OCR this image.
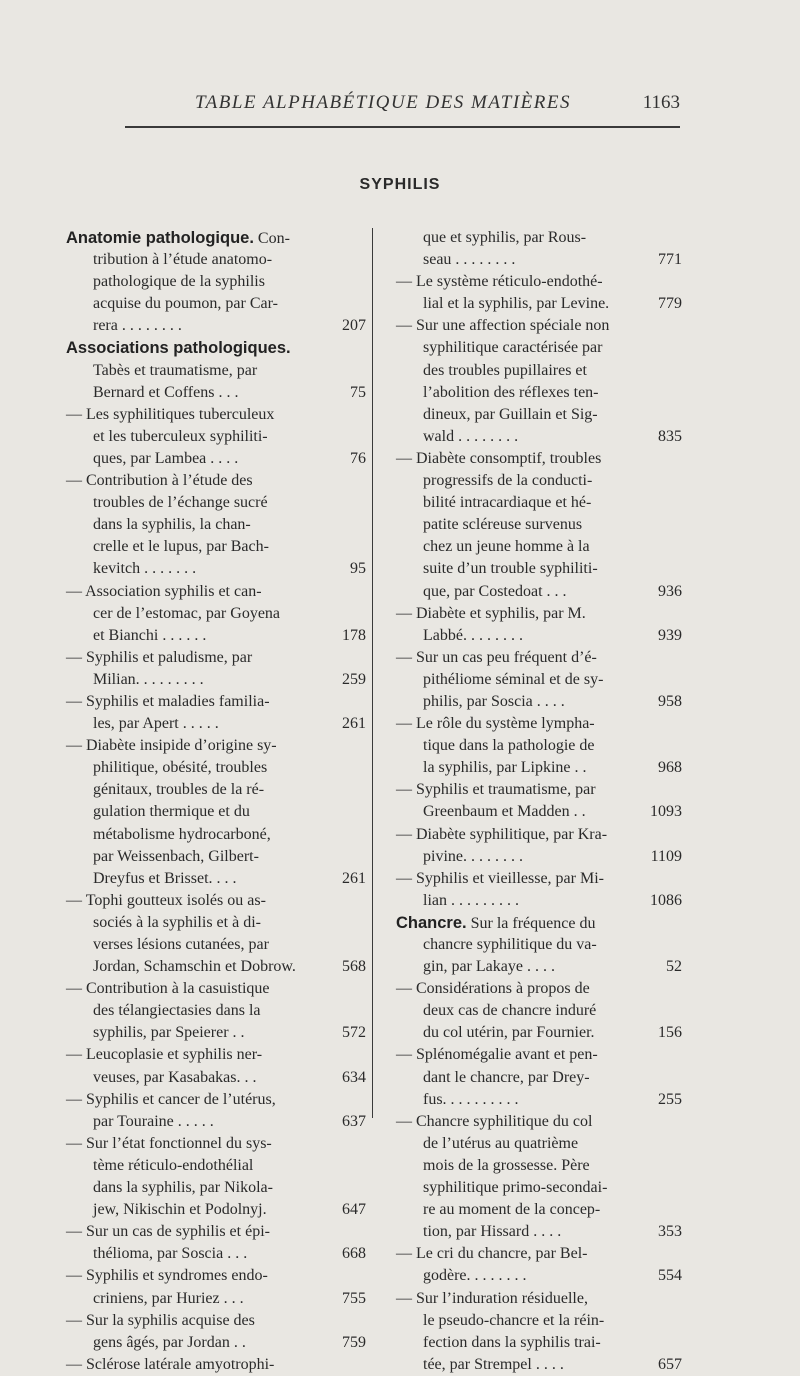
TABLE ALPHABÉTIQUE DES MATIÈRES	1163
SYPHILIS
Anatomie pathologique. Con-
tribution à l’étude anatomo-
pathologique de la syphilis
acquise du poumon, par Car-
rera . . . . . . . .	207
Associations pathologiques.
Tabès et traumatisme, par
Bernard et Coffens . . .	75
— Les syphilitiques tuberculeux
et les tuberculeux syphiliti-
ques, par Lambea . . . .	76
— Contribution à l’étude des
troubles de l’échange sucré
dans la syphilis, la chan-
crelle et le lupus, par Bach-
kevitch . . . . . . .	95
— Association syphilis et can-
cer de l’estomac, par Goyena
et Bianchi . . . . . .	178
— Syphilis et paludisme, par
Milian. . . . . . . . .	259
— Syphilis et maladies familia-
les, par Apert . . . . .	261
— Diabète insipide d’origine sy-
philitique, obésité, troubles
génitaux, troubles de la ré-
gulation thermique et du
métabolisme hydrocarboné,
par Weissenbach, Gilbert-
Dreyfus et Brisset. . . .	261
— Tophi goutteux isolés ou as-
sociés à la syphilis et à di-
verses lésions cutanées, par
Jordan, Schamschin et Dobrow.	568
— Contribution à la casuistique
des télangiectasies dans la
syphilis, par Speierer . .	572
— Leucoplasie et syphilis ner-
veuses, par Kasabakas. . .	634
— Syphilis et cancer de l’utérus,
par Touraine . . . . .	637
— Sur l’état fonctionnel du sys-
tème réticulo-endothélial
dans la syphilis, par Nikola-
jew, Nikischin et Podolnyj.	647
— Sur un cas de syphilis et épi-
thélioma, par Soscia . . .	668
— Syphilis et syndromes endo-
criniens, par Huriez . . .	755
— Sur la syphilis acquise des
gens âgés, par Jordan . .	759
— Sclérose latérale amyotrophi-
que et syphilis, par Rous-
seau . . . . . . . .	771
— Le système réticulo-endothé-
lial et la syphilis, par Levine.	779
— Sur une affection spéciale non
syphilitique caractérisée par
des troubles pupillaires et
l’abolition des réflexes ten-
dineux, par Guillain et Sig-
wald . . . . . . . .	835
— Diabète consomptif, troubles
progressifs de la conducti-
bilité intracardiaque et hé-
patite scléreuse survenus
chez un jeune homme à la
suite d’un trouble syphiliti-
que, par Costedoat . . .	936
— Diabète et syphilis, par M.
Labbé. . . . . . . .	939
— Sur un cas peu fréquent d’é-
pithéliome séminal et de sy-
philis, par Soscia . . . .	958
— Le rôle du système lympha-
tique dans la pathologie de
la syphilis, par Lipkine . .	968
— Syphilis et traumatisme, par
Greenbaum et Madden . .	1093
— Diabète syphilitique, par Kra-
pivine. . . . . . . .	1109
— Syphilis et vieillesse, par Mi-
lian . . . . . . . . .	1086
Chancre. Sur la fréquence du
chancre syphilitique du va-
gin, par Lakaye . . . .	52
— Considérations à propos de
deux cas de chancre induré
du col utérin, par Fournier.	156
— Splénomégalie avant et pen-
dant le chancre, par Drey-
fus. . . . . . . . . .	255
— Chancre syphilitique du col
de l’utérus au quatrième
mois de la grossesse. Père
syphilitique primo-secondai-
re au moment de la concep-
tion, par Hissard . . . .	353
— Le cri du chancre, par Bel-
godère. . . . . . . .	554
— Sur l’induration résiduelle,
le pseudo-chancre et la réin-
fection dans la syphilis trai-
tée, par Strempel . . . .	657
